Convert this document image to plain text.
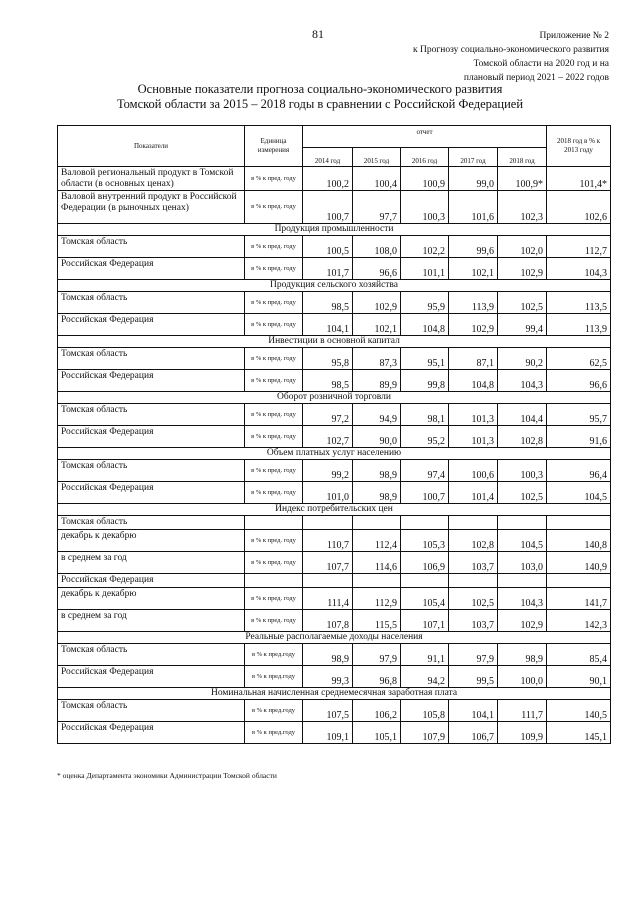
81	Приложение № 2
к Прогнозу социально-экономического развития
Томской области на 2020 год и на
плановый период 2021 – 2022 годов
Основные показатели прогноза социально-экономического развития
Томской области за 2015 – 2018 годы в сравнении с Российской Федерацией
Показатели	Единица измерения	отчет					2018 год в % к 2013 году
		2014 год	2015 год	2016 год	2017 год	2018 год	
Валовой региональный продукт в Томской области (в основных ценах)	в % к пред. году	100,2	100,4	100,9	99,0	100,9*	101,4*
Валовой внутренний продукт в Российской Федерации (в рыночных ценах)	в % к пред. году	100,7	97,7	100,3	101,6	102,3	102,6
Продукция промышленности							
Томская область	в % к пред. году	100,5	108,0	102,2	99,6	102,0	112,7
Российская Федерация	в % к пред. году	101,7	96,6	101,1	102,1	102,9	104,3
Продукция сельского хозяйства							
Томская область	в % к пред. году	98,5	102,9	95,9	113,9	102,5	113,5
Российская Федерация	в % к пред. году	104,1	102,1	104,8	102,9	99,4	113,9
Инвестиции в основной капитал							
Томская область	в % к пред. году	95,8	87,3	95,1	87,1	90,2	62,5
Российская Федерация	в % к пред. году	98,5	89,9	99,8	104,8	104,3	96,6
Оборот розничной торговли							
Томская область	в % к пред. году	97,2	94,9	98,1	101,3	104,4	95,7
Российская Федерация	в % к пред. году	102,7	90,0	95,2	101,3	102,8	91,6
Объем платных услуг населению							
Томская область	в % к пред. году	99,2	98,9	97,4	100,6	100,3	96,4
Российская Федерация	в % к пред. году	101,0	98,9	100,7	101,4	102,5	104,5
Индекс потребительских цен							
Томская область							
декабрь к декабрю	в % к пред. году	110,7	112,4	105,3	102,8	104,5	140,8
в среднем за год	в % к пред. году	107,7	114,6	106,9	103,7	103,0	140,9
Российская Федерация							
декабрь к декабрю	в % к пред. году	111,4	112,9	105,4	102,5	104,3	141,7
в среднем за год	в % к пред. году	107,8	115,5	107,1	103,7	102,9	142,3
Реальные располагаемые доходы населения							
Томская область	в % к пред.году	98,9	97,9	91,1	97,9	98,9	85,4
Российская Федерация	в % к пред.году	99,3	96,8	94,2	99,5	100,0	90,1
Номинальная начисленная среднемесячная заработная плата							
Томская область	в % к пред.году	107,5	106,2	105,8	104,1	111,7	140,5
Российская Федерация	в % к пред.году	109,1	105,1	107,9	106,7	109,9	145,1
* оценка Департамента экономики Администрации Томской области
